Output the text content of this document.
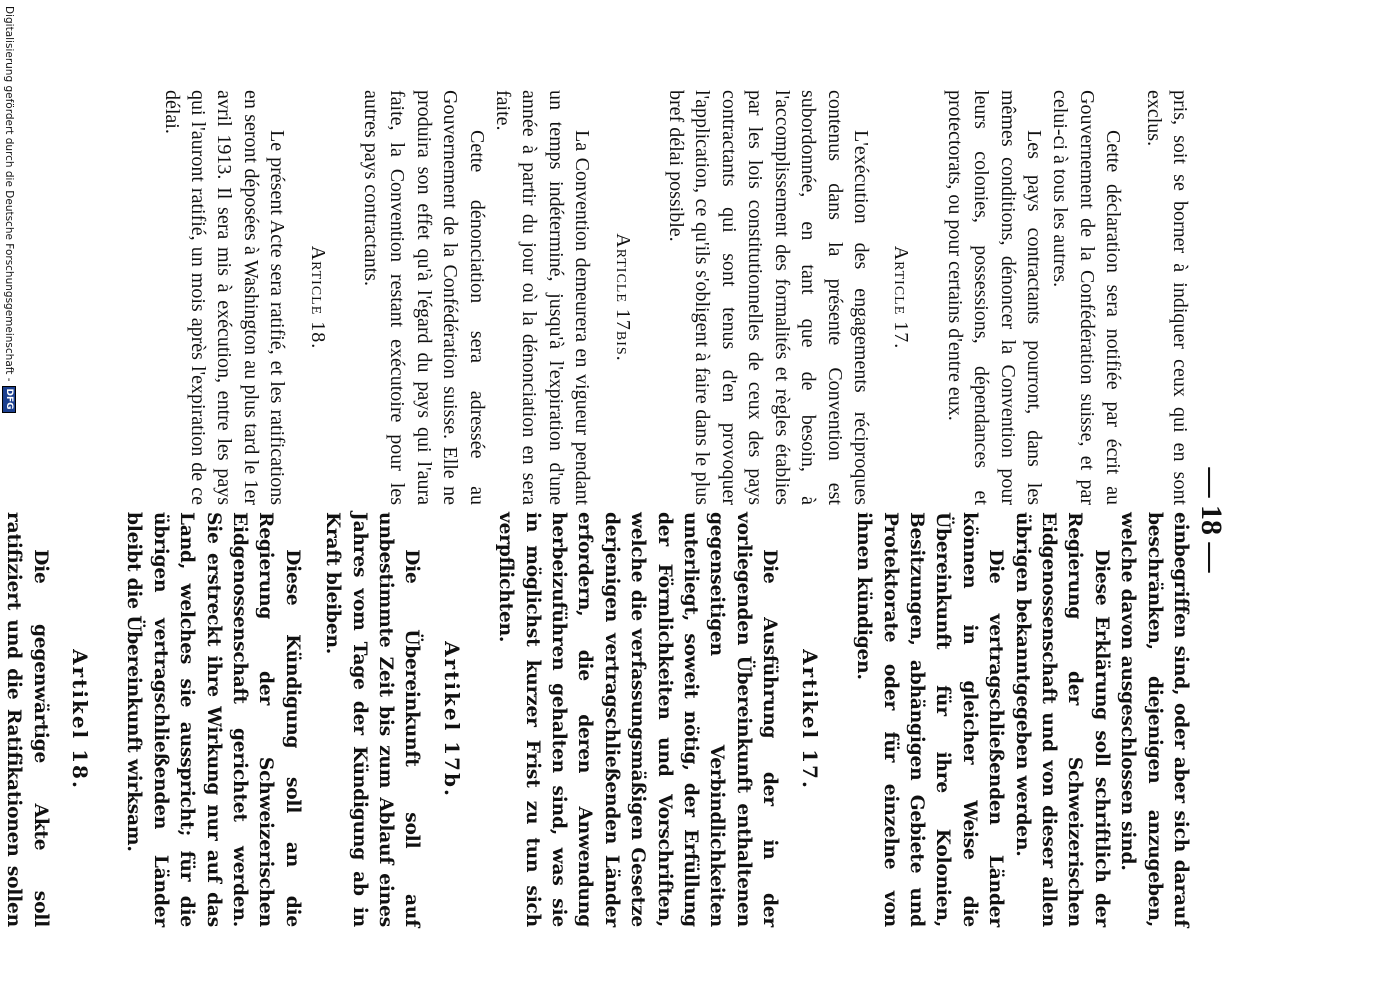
— 18 —

pris, soit se borner à indiquer ceux qui en sont exclus.

Cette déclaration sera notifiée par écrit au Gouvernement de la Confédération suisse, et par celui-ci à tous les autres.

Les pays contractants pourront, dans les mêmes conditions, dénoncer la Convention pour leurs colonies, possessions, dépendances et protectorats, ou pour certains d'entre eux.

Article 17.

L'exécution des engagements réciproques contenus dans la présente Convention est subordonnée, en tant que de besoin, à l'accomplissement des formalités et règles établies par les lois constitutionnelles de ceux des pays contractants qui sont tenus d'en provoquer l'application, ce qu'ils s'obligent à faire dans le plus bref délai possible.

Article 17bis.

La Convention demeurera en vigueur pendant un temps indéterminé, jusqu'à l'expiration d'une année à partir du jour où la dénonciation en sera faite.

Cette dénonciation sera adressée au Gouvernement de la Confédération suisse. Elle ne produira son effet qu'à l'égard du pays qui l'aura faite, la Convention restant exécutoire pour les autres pays contractants.

Article 18.

Le présent Acte sera ratifié, et les ratifications en seront déposées à Washington au plus tard le 1er avril 1913. Il sera mis à exécution, entre les pays qui l'auront ratifié, un mois après l'expiration de ce délai.

einbegriffen sind, oder aber sich darauf beschränken, diejenigen anzugeben, welche davon ausgeschlossen sind.

Diese Erklärung soll schriftlich der Regierung der Schweizerischen Eidgenossenschaft und von dieser allen übrigen bekanntgegeben werden.

Die vertragschließenden Länder können in gleicher Weise die Übereinkunft für ihre Kolonien, Besitzungen, abhängigen Gebiete und Protektorate oder für einzelne von ihnen kündigen.

Artikel 17.

Die Ausführung der in der vorliegenden Übereinkunft enthaltenen gegenseitigen Verbindlichkeiten unterliegt, soweit nötig, der Erfüllung der Förmlichkeiten und Vorschriften, welche die verfassungsmäßigen Gesetze derjenigen vertragschließenden Länder erfordern, die deren Anwendung herbeizuführen gehalten sind, was sie in möglichst kurzer Frist zu tun sich verpflichten.

Artikel 17b.

Die Übereinkunft soll auf unbestimmte Zeit bis zum Ablauf eines Jahres vom Tage der Kündigung ab in Kraft bleiben.

Diese Kündigung soll an die Regierung der Schweizerischen Eidgenossenschaft gerichtet werden. Sie erstreckt ihre Wirkung nur auf das Land, welches sie ausspricht; für die übrigen vertragschließenden Länder bleibt die Übereinkunft wirksam.

Artikel 18.

Die gegenwärtige Akte soll ratifiziert und die Ratifikationen sollen

Digitalisierung gefördert durch die Deutsche Forschungsgemeinschaft -
DFG
